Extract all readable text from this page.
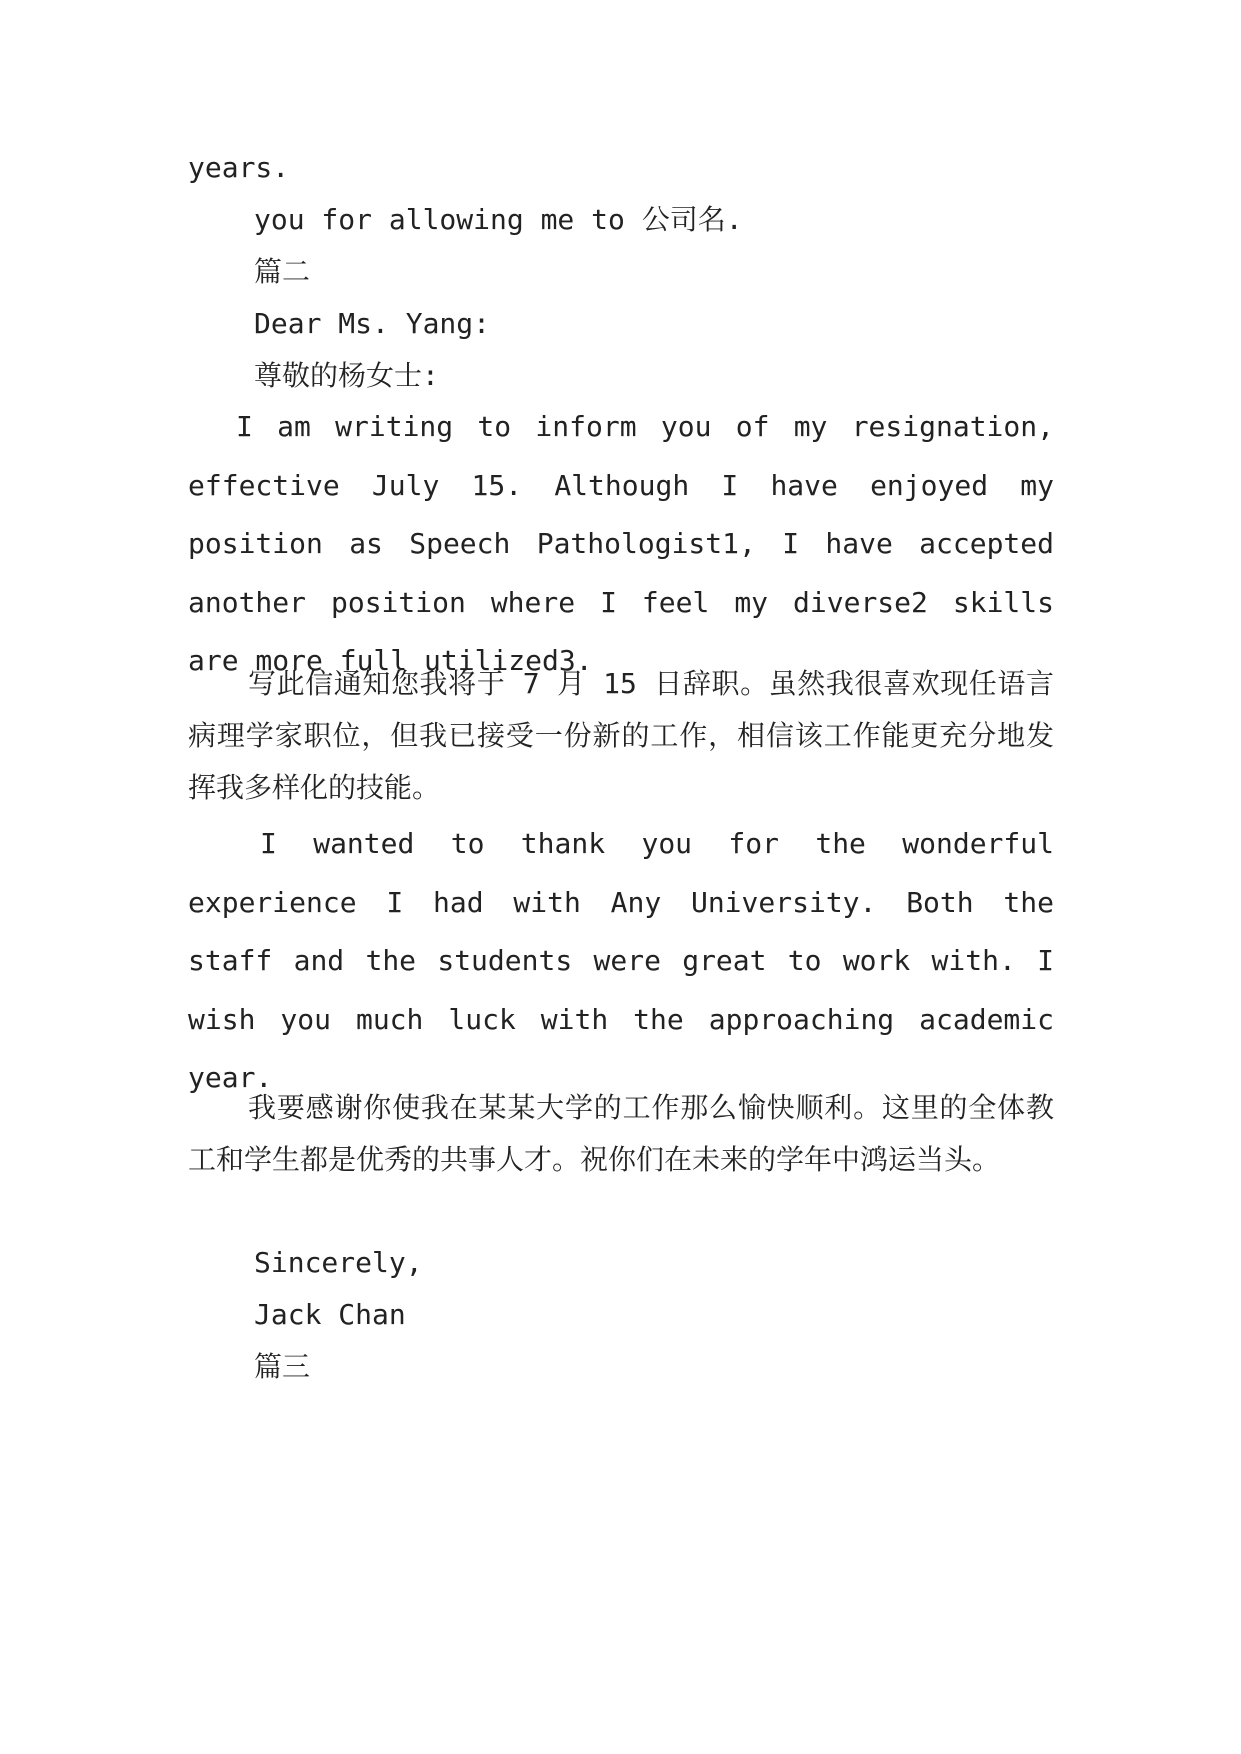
years.
you for allowing me to 公司名.
篇二
Dear Ms. Yang:
尊敬的杨女士:

I am writing to inform you of my resignation, effective July 15. Although I have enjoyed my position as Speech Pathologist1, I have accepted another position where I feel my diverse2 skills are more full utilized3.

写此信通知您我将于 7 月 15 日辞职。虽然我很喜欢现任语言病理学家职位，但我已接受一份新的工作，相信该工作能更充分地发挥我多样化的技能。

I wanted to thank you for the wonderful experience I had with Any University. Both the staff and the students were great to work with. I wish you much luck with the approaching academic year.

我要感谢你使我在某某大学的工作那么愉快顺利。这里的全体教工和学生都是优秀的共事人才。祝你们在未来的学年中鸿运当头。

Sincerely,
Jack Chan
篇三
